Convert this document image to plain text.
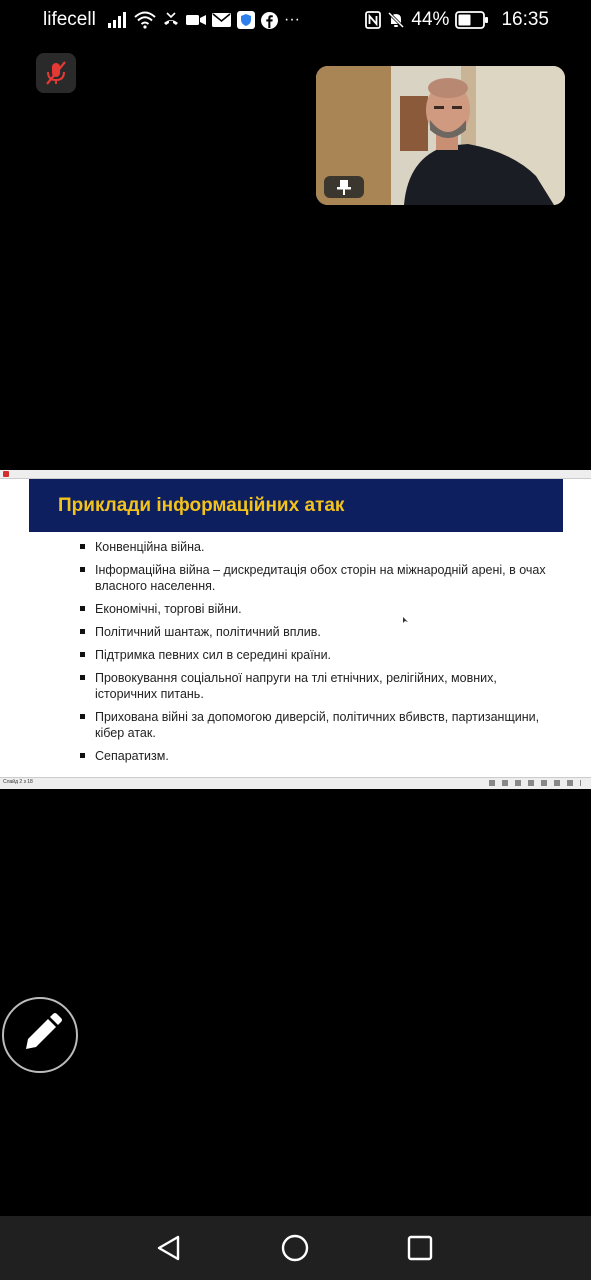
lifecell	···	44%	16:35
Приклади інформаційних атак
Конвенційна війна.
Інформаційна війна – дискредитація обох сторін на міжнародній арені, в очах власного населення.
Економічні, торгові війни.
Політичний шантаж, політичний вплив.
Підтримка певних сил в середині країни.
Провокування соціальної напруги на тлі етнічних, релігійних, мовних, історичних питань.
Прихована війні за допомогою диверсій, політичних вбивств, партизанщини, кібер атак.
Сепаратизм.
Слайд 2 з 18
